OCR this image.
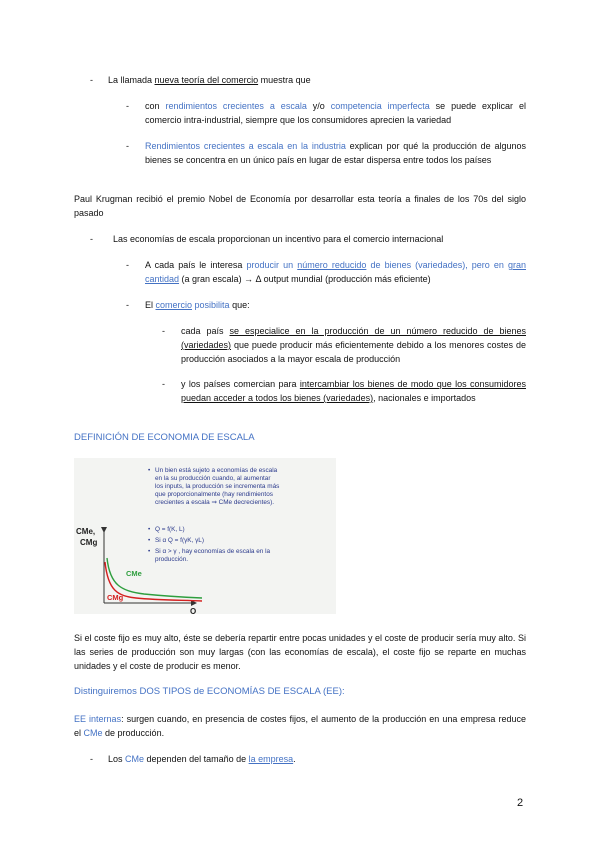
- La llamada nueva teoría del comercio muestra que
- con rendimientos crecientes a escala y/o competencia imperfecta se puede explicar el comercio intra-industrial, siempre que los consumidores aprecien la variedad
- Rendimientos crecientes a escala en la industria explican por qué la producción de algunos bienes se concentra en un único país en lugar de estar dispersa entre todos los países
Paul Krugman recibió el premio Nobel de Economía por desarrollar esta teoría a finales de los 70s del siglo pasado
- Las economías de escala proporcionan un incentivo para el comercio internacional
- A cada país le interesa producir un número reducido de bienes (variedades), pero en gran cantidad (a gran escala) → Δ output mundial (producción más eficiente)
- El comercio posibilita que:
- cada país se especialice en la producción de un número reducido de bienes (variedades) que puede producir más eficientemente debido a los menores costes de producción asociados a la mayor escala de producción
- y los países comercian para intercambiar los bienes de modo que los consumidores puedan acceder a todos los bienes (variedades), nacionales e importados
DEFINICIÓN DE ECONOMIA DE ESCALA
• Un bien está sujeto a economías de escala en la su producción cuando, al aumentar los inputs, la producción se incrementa más que proporcionalmente (hay rendimientos crecientes a escala ⇒ CMe decrecientes).
• Q = f(K, L)
• Si α Q = f(γK, γL)
• Si α > γ , hay economías de escala en la producción.
CMe,
CMg
Q
CMe
CMg
Si el coste fijo es muy alto, éste se debería repartir entre pocas unidades y el coste de producir sería muy alto. Si las series de producción son muy largas (con las economías de escala), el coste fijo se reparte en muchas unidades y el coste de producir es menor.
Distinguiremos DOS TIPOS de ECONOMÍAS DE ESCALA (EE):
EE internas: surgen cuando, en presencia de costes fijos, el aumento de la producción en una empresa reduce el CMe de producción.
- Los CMe dependen del tamaño de la empresa.
2
